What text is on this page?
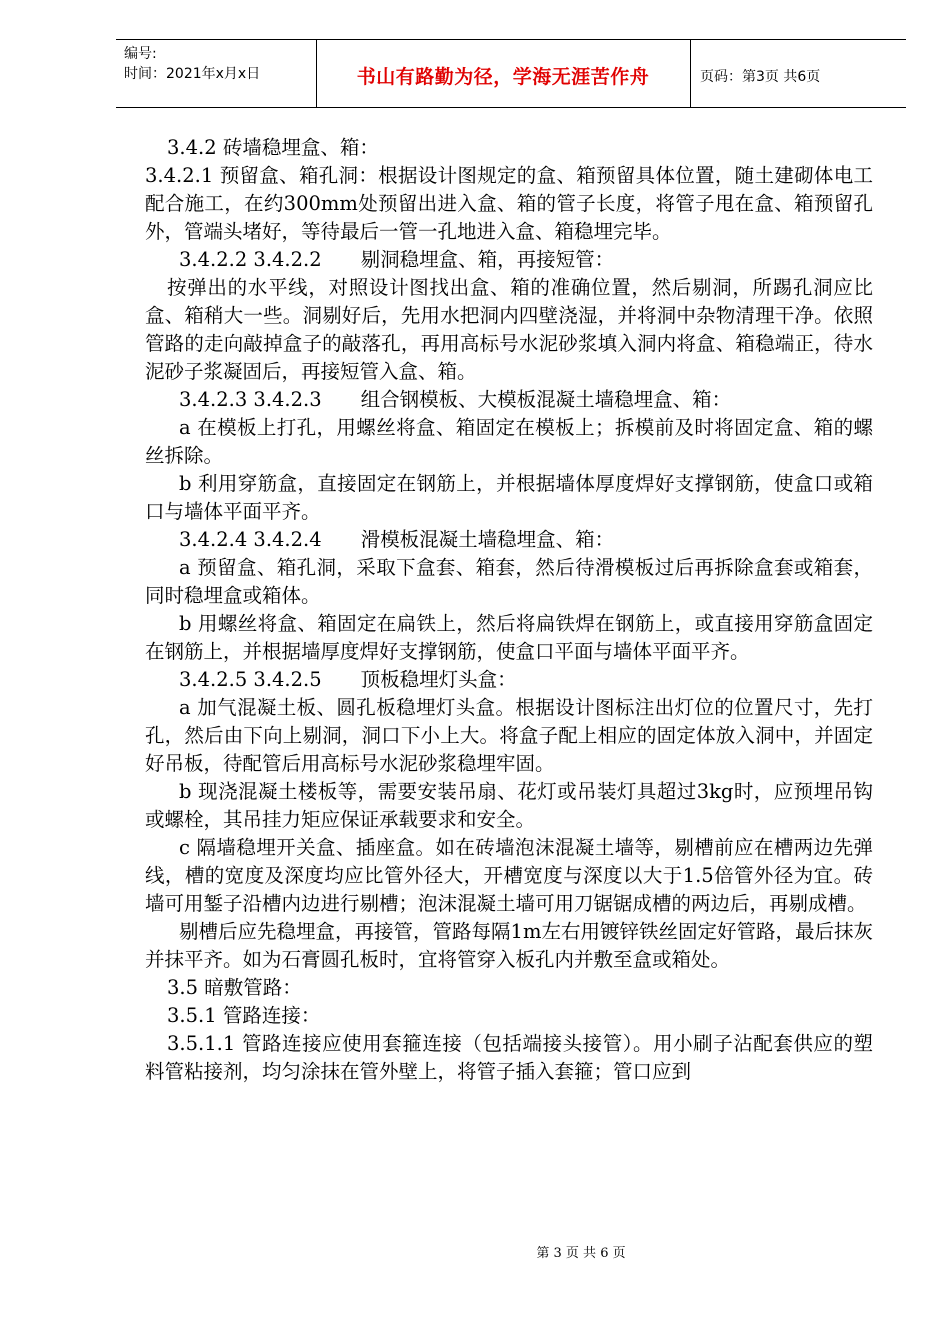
编号:
时间：2021年x月x日	书山有路勤为径，学海无涯苦作舟	页码：第3页 共6页

3.4.2 砖墙稳埋盒、箱：

3.4.2.1 预留盒、箱孔洞：根据设计图规定的盒、箱预留具体位置，随土建砌体电工配合施工，在约300mm处预留出进入盒、箱的管子长度，将管子甩在盒、箱预留孔外，管端头堵好，等待最后一管一孔地进入盒、箱稳埋完毕。

3.4.2.2 3.4.2.2　　剔洞稳埋盒、箱，再接短管：

按弹出的水平线，对照设计图找出盒、箱的准确位置，然后剔洞，所踢孔洞应比盒、箱稍大一些。洞剔好后，先用水把洞内四壁浇湿，并将洞中杂物清理干净。依照管路的走向敲掉盒子的敲落孔，再用高标号水泥砂浆填入洞内将盒、箱稳端正，待水泥砂子浆凝固后，再接短管入盒、箱。

3.4.2.3 3.4.2.3　　组合钢模板、大模板混凝土墙稳埋盒、箱：

a 在模板上打孔，用螺丝将盒、箱固定在模板上；拆模前及时将固定盒、箱的螺丝拆除。

b 利用穿筋盒，直接固定在钢筋上，并根据墙体厚度焊好支撑钢筋，使盒口或箱口与墙体平面平齐。

3.4.2.4 3.4.2.4　　滑模板混凝土墙稳埋盒、箱：

a 预留盒、箱孔洞，采取下盒套、箱套，然后待滑模板过后再拆除盒套或箱套，同时稳埋盒或箱体。

b 用螺丝将盒、箱固定在扁铁上，然后将扁铁焊在钢筋上，或直接用穿筋盒固定在钢筋上，并根据墙厚度焊好支撑钢筋，使盒口平面与墙体平面平齐。

3.4.2.5 3.4.2.5　　顶板稳埋灯头盒：

a 加气混凝土板、圆孔板稳埋灯头盒。根据设计图标注出灯位的位置尺寸，先打孔，然后由下向上剔洞，洞口下小上大。将盒子配上相应的固定体放入洞中，并固定好吊板，待配管后用高标号水泥砂浆稳埋牢固。

b 现浇混凝土楼板等，需要安装吊扇、花灯或吊装灯具超过3kg时，应预埋吊钩或螺栓，其吊挂力矩应保证承载要求和安全。

c 隔墙稳埋开关盒、插座盒。如在砖墙泡沫混凝土墙等，剔槽前应在槽两边先弹线，槽的宽度及深度均应比管外径大，开槽宽度与深度以大于1.5倍管外径为宜。砖墙可用錾子沿槽内边进行剔槽；泡沫混凝土墙可用刀锯锯成槽的两边后，再剔成槽。

剔槽后应先稳埋盒，再接管，管路每隔1m左右用镀锌铁丝固定好管路，最后抹灰并抹平齐。如为石膏圆孔板时，宜将管穿入板孔内并敷至盒或箱处。

3.5 暗敷管路：

3.5.1 管路连接：

3.5.1.1 管路连接应使用套箍连接（包括端接头接管）。用小刷子沾配套供应的塑料管粘接剂，均匀涂抹在管外壁上，将管子插入套箍；管口应到

第 3 页 共 6 页
